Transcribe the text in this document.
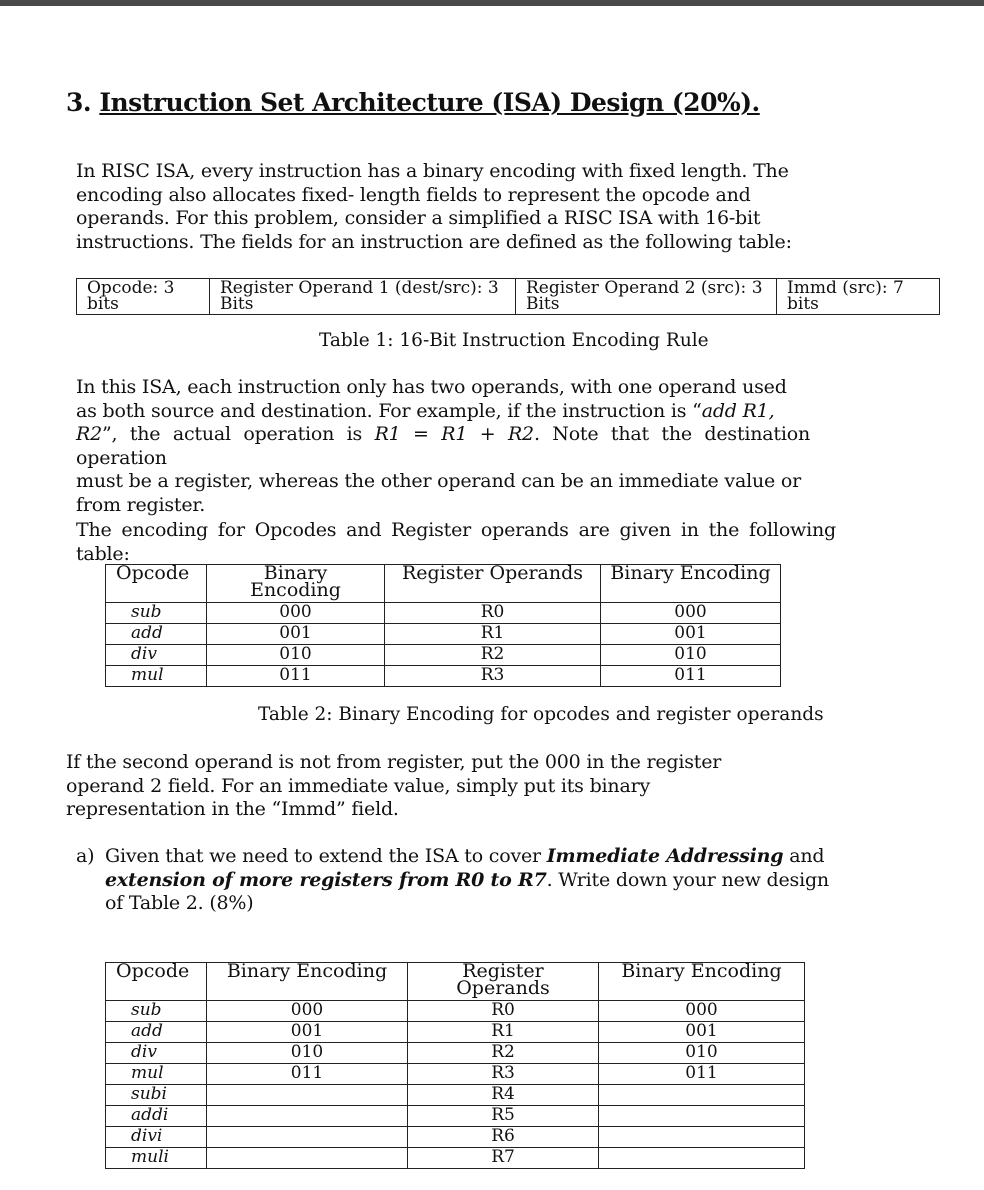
3. Instruction Set Architecture (ISA) Design (20%).
In RISC ISA, every instruction has a binary encoding with fixed length. The
encoding also allocates fixed- length fields to represent the opcode and
operands. For this problem, consider a simplified a RISC ISA with 16-bit
instructions. The fields for an instruction are defined as the following table:
Opcode: 3
bits

Register Operand 1 (dest/src): 3
Bits

Register Operand 2 (src): 3
Bits

Immd (src): 7
bits
Table 1: 16-Bit Instruction Encoding Rule
In this ISA, each instruction only has two operands, with one operand used
as both source and destination. For example, if the instruction is “add R1,
R2”, the actual operation is R1 = R1 + R2. Note that the destination operation
must be a register, whereas the other operand can be an immediate value or
from register.
The encoding for Opcodes and Register operands are given in the following table:
Opcode	Binary
Encoding	Register Operands	Binary Encoding
sub	000	R0	000
add	001	R1	001
div	010	R2	010
mul	011	R3	011
Table 2: Binary Encoding for opcodes and register operands
If the second operand is not from register, put the 000 in the register
operand 2 field. For an immediate value, simply put its binary
representation in the “Immd” field.
a) Given that we need to extend the ISA to cover Immediate Addressing and
extension of more registers from R0 to R7. Write down your new design
of Table 2. (8%)
Opcode	Binary Encoding	Register
Operands	Binary Encoding
sub	000	R0	000
add	001	R1	001
div	010	R2	010
mul	011	R3	011
subi		R4	
addi		R5	
divi		R6	
muli		R7	
